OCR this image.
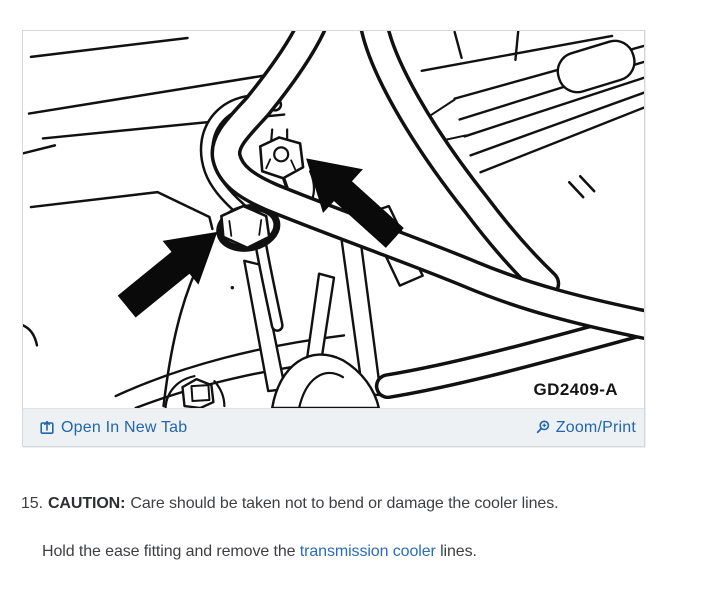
GD2409-A
Open In New Tab	Zoom/Print
15. CAUTION: Care should be taken not to bend or damage the cooler lines.
Hold the ease fitting and remove the transmission cooler lines.
